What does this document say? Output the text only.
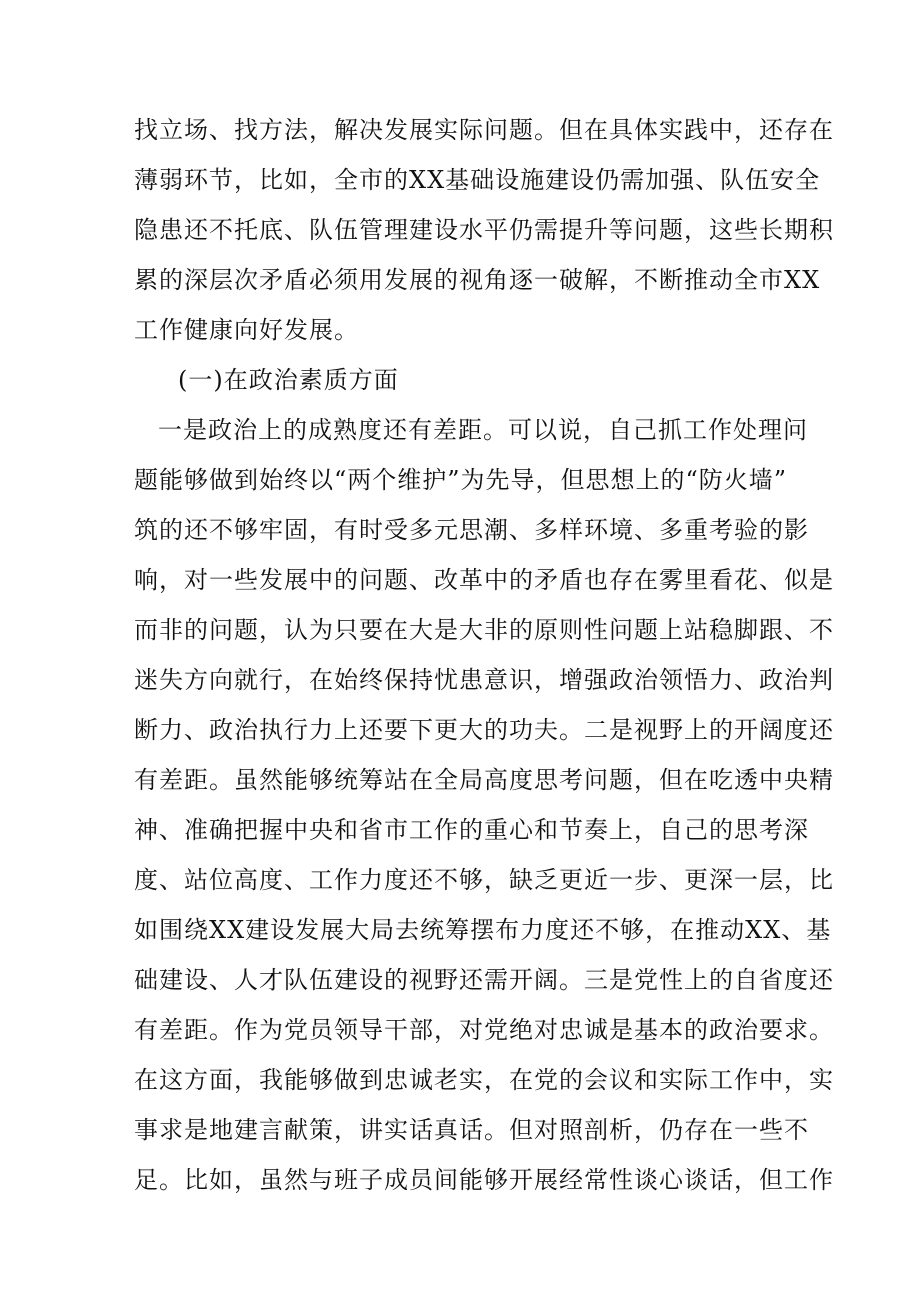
找立场、找方法，解决发展实际问题。但在具体实践中，还存在
薄弱环节，比如，全市的XX基础设施建设仍需加强、队伍安全
隐患还不托底、队伍管理建设水平仍需提升等问题，这些长期积
累的深层次矛盾必须用发展的视角逐一破解，不断推动全市XX
工作健康向好发展。
(一)在政治素质方面
一是政治上的成熟度还有差距。可以说，自己抓工作处理问
题能够做到始终以“两个维护”为先导，但思想上的“防火墙”
筑的还不够牢固，有时受多元思潮、多样环境、多重考验的影
响，对一些发展中的问题、改革中的矛盾也存在雾里看花、似是
而非的问题，认为只要在大是大非的原则性问题上站稳脚跟、不
迷失方向就行，在始终保持忧患意识，增强政治领悟力、政治判
断力、政治执行力上还要下更大的功夫。二是视野上的开阔度还
有差距。虽然能够统筹站在全局高度思考问题，但在吃透中央精
神、准确把握中央和省市工作的重心和节奏上，自己的思考深
度、站位高度、工作力度还不够，缺乏更近一步、更深一层，比
如围绕XX建设发展大局去统筹摆布力度还不够，在推动XX、基
础建设、人才队伍建设的视野还需开阔。三是党性上的自省度还
有差距。作为党员领导干部，对党绝对忠诚是基本的政治要求。
在这方面，我能够做到忠诚老实，在党的会议和实际工作中，实
事求是地建言献策，讲实话真话。但对照剖析，仍存在一些不
足。比如，虽然与班子成员间能够开展经常性谈心谈话，但工作
